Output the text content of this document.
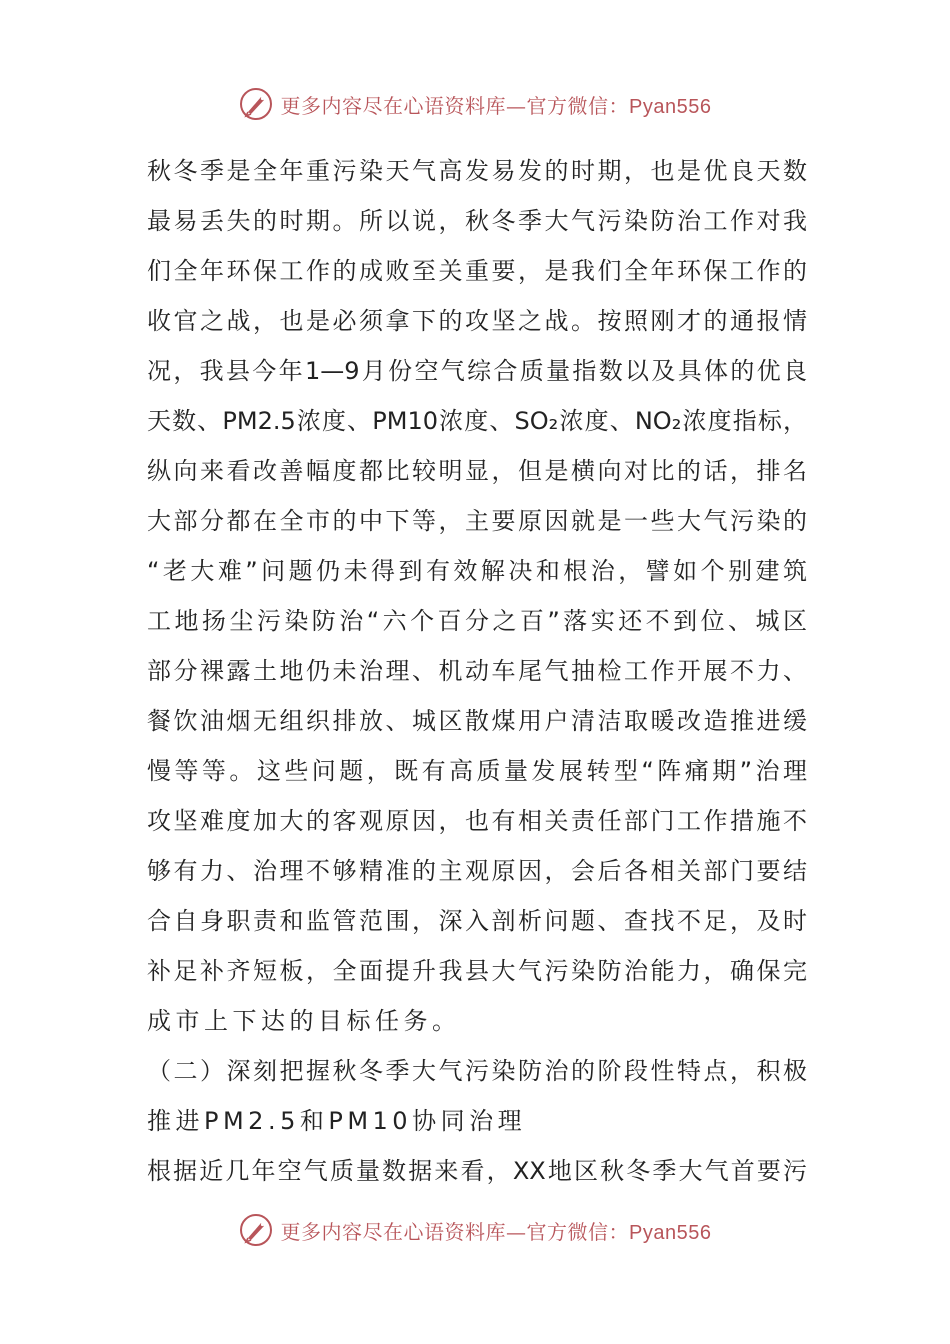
更多内容尽在心语资料库—官方微信：Pyan556
秋冬季是全年重污染天气高发易发的时期，也是优良天数
最易丢失的时期。所以说，秋冬季大气污染防治工作对我
们全年环保工作的成败至关重要，是我们全年环保工作的
收官之战，也是必须拿下的攻坚之战。按照刚才的通报情
况，我县今年1—9月份空气综合质量指数以及具体的优良
天数、PM2.5浓度、PM10浓度、SO₂浓度、NO₂浓度指标，
纵向来看改善幅度都比较明显，但是横向对比的话，排名
大部分都在全市的中下等，主要原因就是一些大气污染的
“老大难”问题仍未得到有效解决和根治，譬如个别建筑
工地扬尘污染防治“六个百分之百”落实还不到位、城区
部分裸露土地仍未治理、机动车尾气抽检工作开展不力、
餐饮油烟无组织排放、城区散煤用户清洁取暖改造推进缓
慢等等。这些问题，既有高质量发展转型“阵痛期”治理
攻坚难度加大的客观原因，也有相关责任部门工作措施不
够有力、治理不够精准的主观原因，会后各相关部门要结
合自身职责和监管范围，深入剖析问题、查找不足，及时
补足补齐短板，全面提升我县大气污染防治能力，确保完
成市上下达的目标任务。
（二）深刻把握秋冬季大气污染防治的阶段性特点，积极
推进PM2.5和PM10协同治理
根据近几年空气质量数据来看，XX地区秋冬季大气首要污
更多内容尽在心语资料库—官方微信：Pyan556
